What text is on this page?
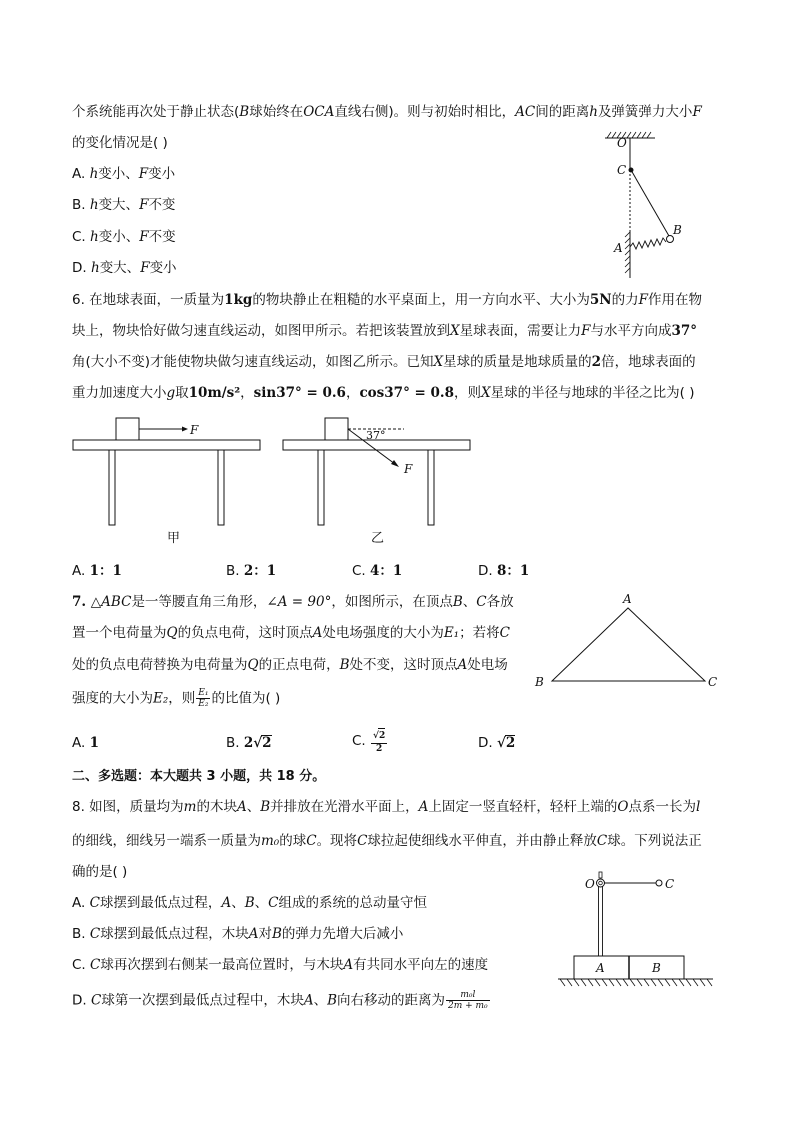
个系统能再次处于静止状态(B球始终在OCA直线右侧)。则与初始时相比，AC间的距离h及弹簧弹力大小F
的变化情况是( )
A. h变小、F变小
B. h变大、F不变
C. h变小、F不变
D. h变大、F变小
O
C
A
B
6. 在地球表面，一质量为1kg的物块静止在粗糙的水平桌面上，用一方向水平、大小为5N的力F作用在物
块上，物块恰好做匀速直线运动，如图甲所示。若把该装置放到X星球表面，需要让力F与水平方向成37°
角(大小不变)才能使物块做匀速直线运动，如图乙所示。已知X星球的质量是地球质量的2倍，地球表面的
重力加速度大小g取10m/s²，sin37° = 0.6，cos37° = 0.8，则X星球的半径与地球的半径之比为( )
F
甲
37°
F
乙
A. 1：1	B. 2：1	C. 4：1	D. 8：1
7. △ABC是一等腰直角三角形，∠A = 90°，如图所示，在顶点B、C各放
置一个电荷量为Q的负点电荷，这时顶点A处电场强度的大小为E₁；若将C
处的负点电荷替换为电荷量为Q的正点电荷，B处不变，这时顶点A处电场
强度的大小为E₂，则 $\frac{\text{E₁}}{\text{E₂}}$ 的比值为( )
A
B	C
A. 1	B. 2√2	C. $\frac{√2}{2}$	D. √2
二、多选题：本大题共 3 小题，共 18 分。
8. 如图，质量均为m的木块A、B并排放在光滑水平面上，A上固定一竖直轻杆，轻杆上端的O点系一长为l
的细线，细线另一端系一质量为m₀的球C。现将C球拉起使细线水平伸直，并由静止释放C球。下列说法正
确的是( )
A. C球摆到最低点过程，A、B、C组成的系统的总动量守恒
B. C球摆到最低点过程，木块A对B的弹力先增大后减小
C. C球再次摆到右侧某一最高位置时，与木块A有共同水平向左的速度
D. C球第一次摆到最低点过程中，木块A、B向右移动的距离为 $\frac{\text{m₀l}}{\text{2m + m₀}}$
O	C
A	B
